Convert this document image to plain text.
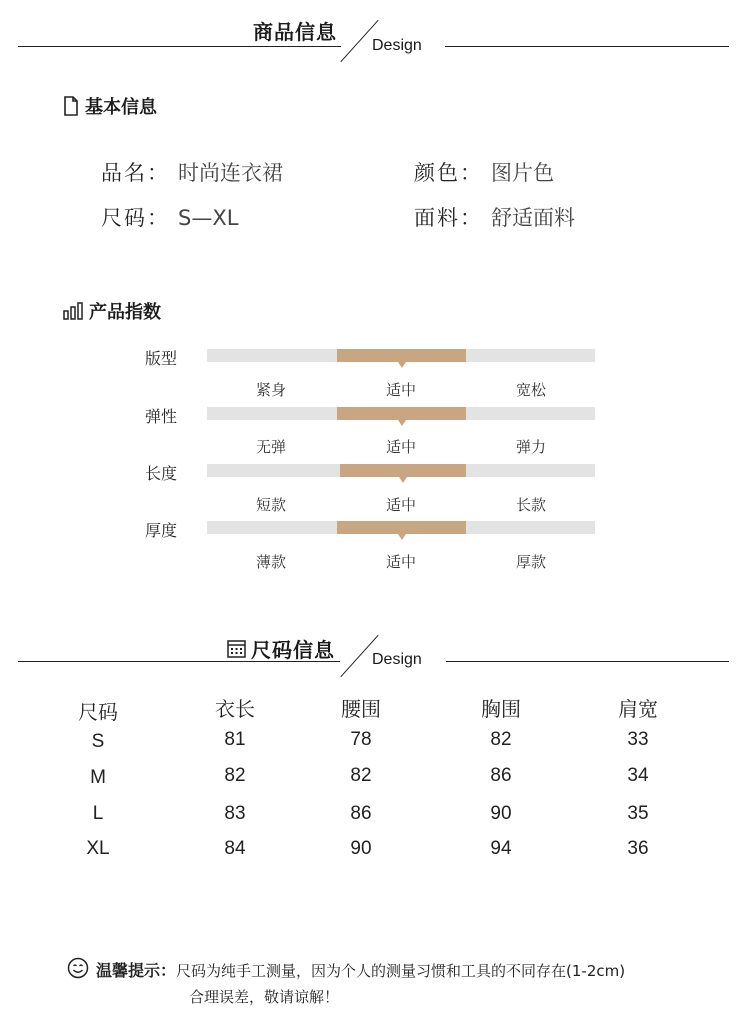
商品信息
Design
基本信息
品名： 时尚连衣裙	颜色： 图片色
尺码： S—XL	面料： 舒适面料
产品指数
版型
紧身	适中	宽松
弹性
无弹	适中	弹力
长度
短款	适中	长款
厚度
薄款	适中	厚款
尺码信息 Design
尺码	衣长	腰围	胸围	肩宽
S	81	78	82	33
M	82	82	86	34
L	83	86	90	35
XL	84	90	94	36
温馨提示：尺码为纯手工测量，因为个人的测量习惯和工具的不同存在(1-2cm)
合理误差，敬请谅解！
